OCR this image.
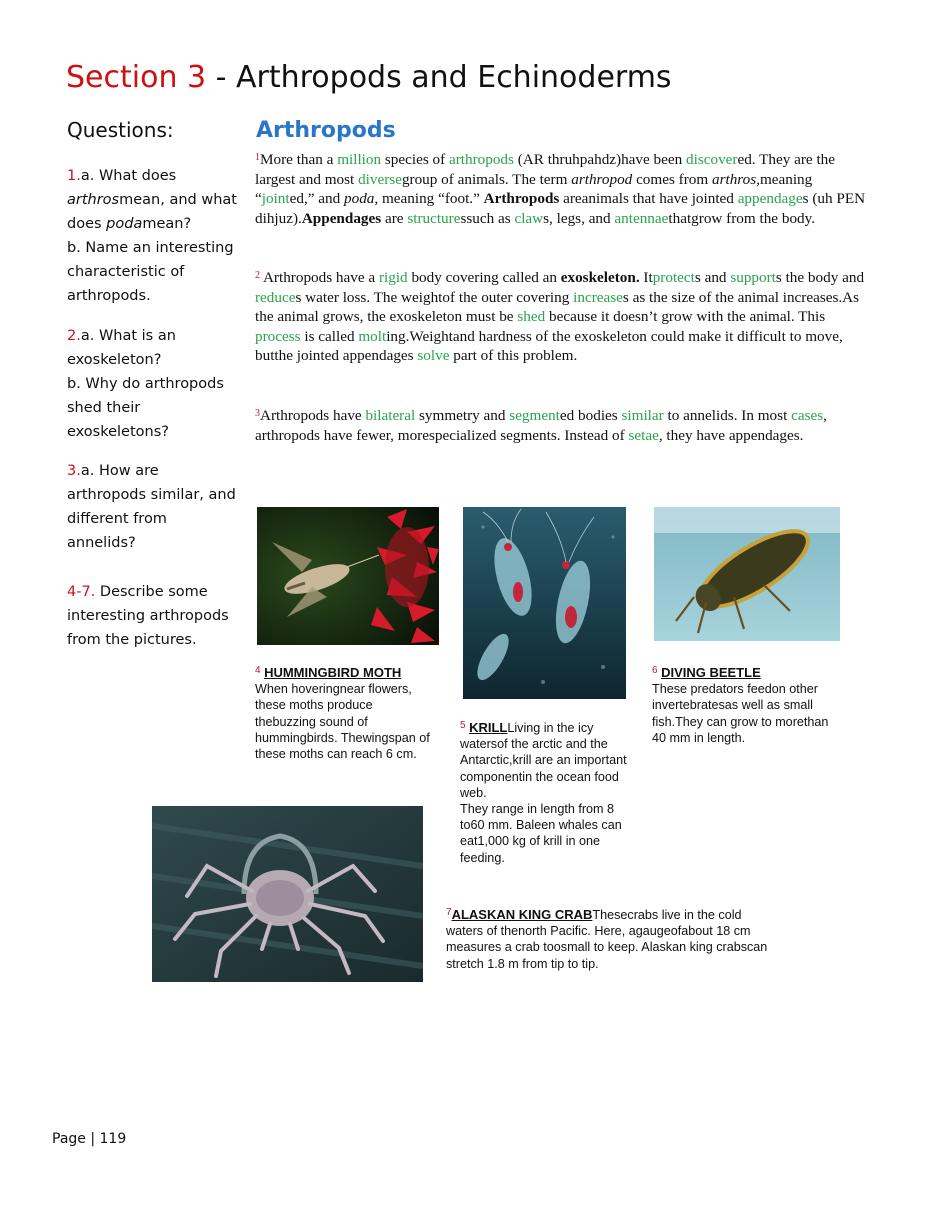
Section 3 - Arthropods and Echinoderms
Questions:
1.a. What does arthrosmean, and what does podamean?
b. Name an interesting characteristic of arthropods.
2.a. What is an exoskeleton?
b. Why do arthropods shed their exoskeletons?
3.a. How are arthropods similar, and different from annelids?
4-7. Describe some interesting arthropods from the pictures.
Arthropods
$^1$More than a million species of arthropods (AR thruhpahdz)have been discovered. They are the largest and most diversegroup of animals. The term arthropod comes from arthros,meaning “jointed,” and poda, meaning “foot.” Arthropods areanimals that have jointed appendages (uh PEN dihjuz).Appendages are structuressuch as claws, legs, and antennaethatgrow from the body.
$^2$ Arthropods have a rigid body covering called an exoskeleton. Itprotects and supports the body and reduces water loss. The weightof the outer covering increases as the size of the animal increases.As the animal grows, the exoskeleton must be shed because it doesn’t grow with the animal. This process is called molting.Weightand hardness of the exoskeleton could make it difficult to move, butthe jointed appendages solve part of this problem.
$^3$Arthropods have bilateral symmetry and segmented bodies similar to annelids. In most cases, arthropods have fewer, morespecialized segments. Instead of setae, they have appendages.
$^4$ HUMMINGBIRD MOTH
When hoveringnear flowers, these moths produce thebuzzing sound of hummingbirds. Thewingspan of these moths can reach 6 cm.
$^5$ KRILLLiving in the icy watersof the arctic and the Antarctic,krill are an important componentin the ocean food web.
They range in length from 8 to60 mm. Baleen whales can eat1,000 kg of krill in one feeding.
$^6$ DIVING BEETLE
These predators feedon other invertebratesas well as small fish.They can grow to morethan 40 mm in length.
$^7$ALASKAN KING CRABThesecrabs live in the cold waters of thenorth Pacific. Here, agaugeofabout 18 cm measures a crab toosmall to keep. Alaskan king crabscan stretch 1.8 m from tip to tip.
Page | 119
